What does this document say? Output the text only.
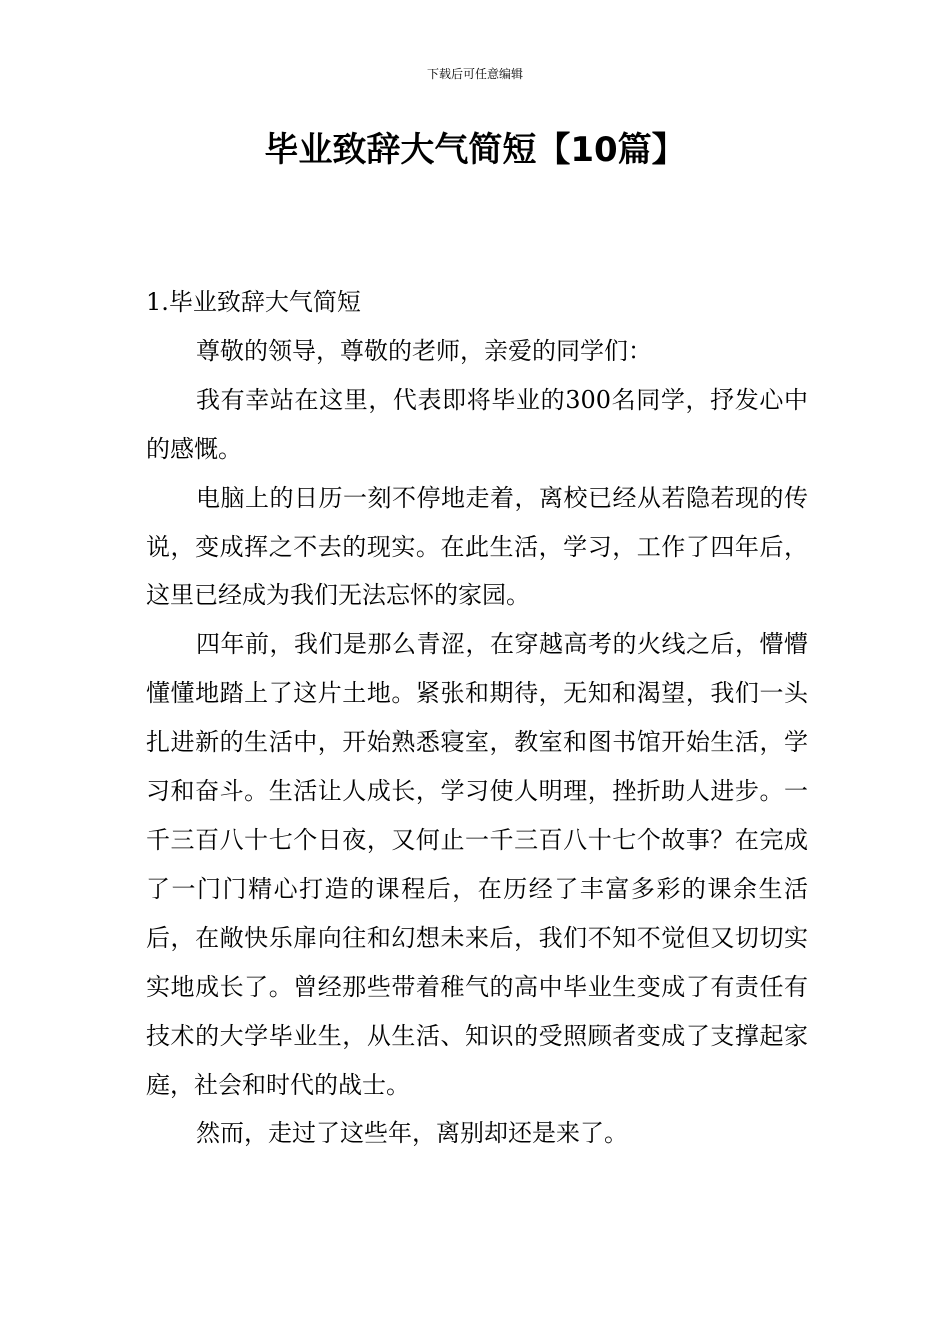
下载后可任意编辑
毕业致辞大气简短【10篇】
1.毕业致辞大气简短

尊敬的领导，尊敬的老师，亲爱的同学们：

我有幸站在这里，代表即将毕业的300名同学，抒发心中的感慨。

电脑上的日历一刻不停地走着，离校已经从若隐若现的传说，变成挥之不去的现实。在此生活，学习，工作了四年后，这里已经成为我们无法忘怀的家园。

四年前，我们是那么青涩，在穿越高考的火线之后，懵懵懂懂地踏上了这片土地。紧张和期待，无知和渴望，我们一头扎进新的生活中，开始熟悉寝室，教室和图书馆开始生活，学习和奋斗。生活让人成长，学习使人明理，挫折助人进步。一千三百八十七个日夜，又何止一千三百八十七个故事？在完成了一门门精心打造的课程后，在历经了丰富多彩的课余生活后，在敞快乐扉向往和幻想未来后，我们不知不觉但又切切实实地成长了。曾经那些带着稚气的高中毕业生变成了有责任有技术的大学毕业生，从生活、知识的受照顾者变成了支撑起家庭，社会和时代的战士。

然而，走过了这些年，离别却还是来了。
